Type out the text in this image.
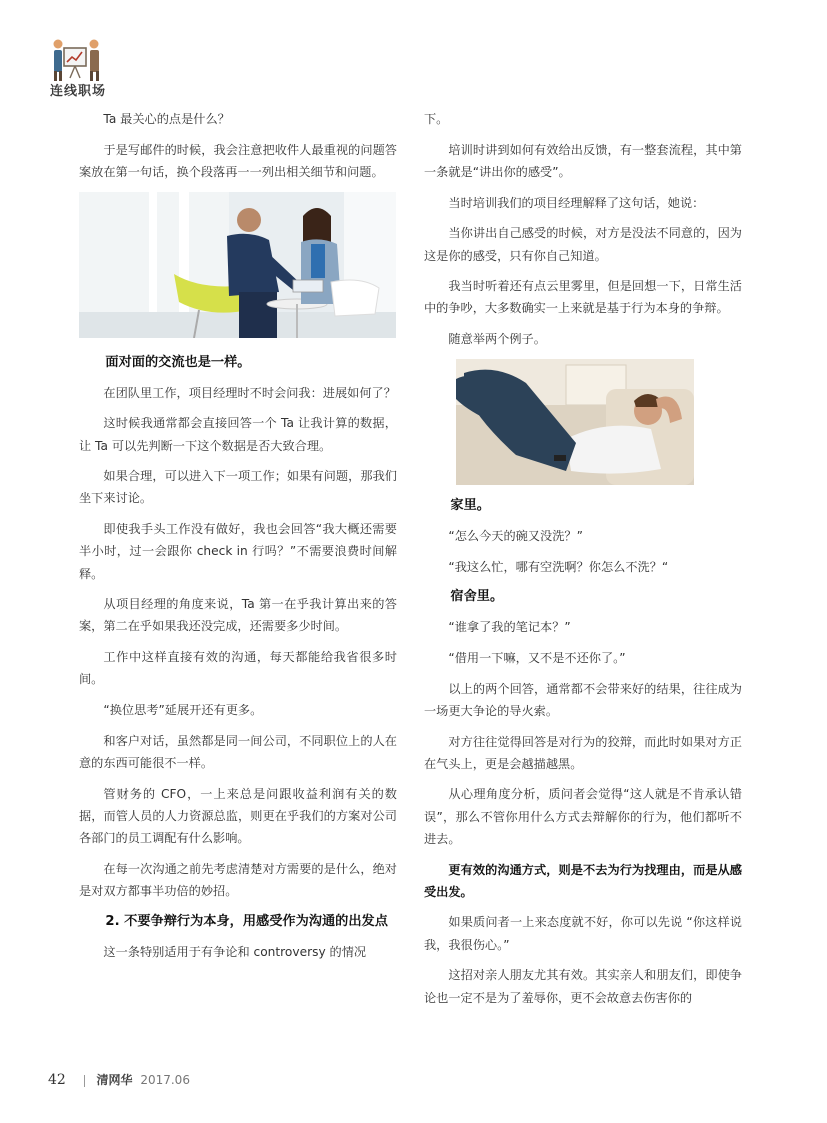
连线职场

Ta 最关心的点是什么？

于是写邮件的时候，我会注意把收件人最重视的问题答案放在第一句话，换个段落再一一列出相关细节和问题。

面对面的交流也是一样。

在团队里工作，项目经理时不时会问我：进展如何了？

这时候我通常都会直接回答一个 Ta 让我计算的数据，让 Ta 可以先判断一下这个数据是否大致合理。

如果合理，可以进入下一项工作；如果有问题，那我们坐下来讨论。

即使我手头工作没有做好，我也会回答“我大概还需要半小时，过一会跟你 check in 行吗？”不需要浪费时间解释。

从项目经理的角度来说，Ta 第一在乎我计算出来的答案，第二在乎如果我还没完成，还需要多少时间。

工作中这样直接有效的沟通，每天都能给我省很多时间。

“换位思考”延展开还有更多。

和客户对话，虽然都是同一间公司，不同职位上的人在意的东西可能很不一样。

管财务的 CFO，一上来总是问跟收益利润有关的数据，而管人员的人力资源总监，则更在乎我们的方案对公司各部门的员工调配有什么影响。

在每一次沟通之前先考虑清楚对方需要的是什么，绝对是对双方都事半功倍的妙招。

2. 不要争辩行为本身，用感受作为沟通的出发点

这一条特别适用于有争论和 controversy 的情况

下。

培训时讲到如何有效给出反馈，有一整套流程，其中第一条就是“讲出你的感受”。

当时培训我们的项目经理解释了这句话，她说：

当你讲出自己感受的时候，对方是没法不同意的，因为这是你的感受，只有你自己知道。

我当时听着还有点云里雾里，但是回想一下，日常生活中的争吵，大多数确实一上来就是基于行为本身的争辩。

随意举两个例子。

家里。

“怎么今天的碗又没洗？”

“我这么忙，哪有空洗啊？你怎么不洗？“

宿舍里。

“谁拿了我的笔记本？”

“借用一下嘛，又不是不还你了。”

以上的两个回答，通常都不会带来好的结果，往往成为一场更大争论的导火索。

对方往往觉得回答是对行为的狡辩，而此时如果对方正在气头上，更是会越描越黑。

从心理角度分析，质问者会觉得“这人就是不肯承认错误”，那么不管你用什么方式去辩解你的行为，他们都听不进去。

更有效的沟通方式，则是不去为行为找理由，而是从感受出发。

如果质问者一上来态度就不好，你可以先说 “你这样说我，我很伤心。”

这招对亲人朋友尤其有效。其实亲人和朋友们，即使争论也一定不是为了羞辱你，更不会故意去伤害你的

42	清网华 2017.06
